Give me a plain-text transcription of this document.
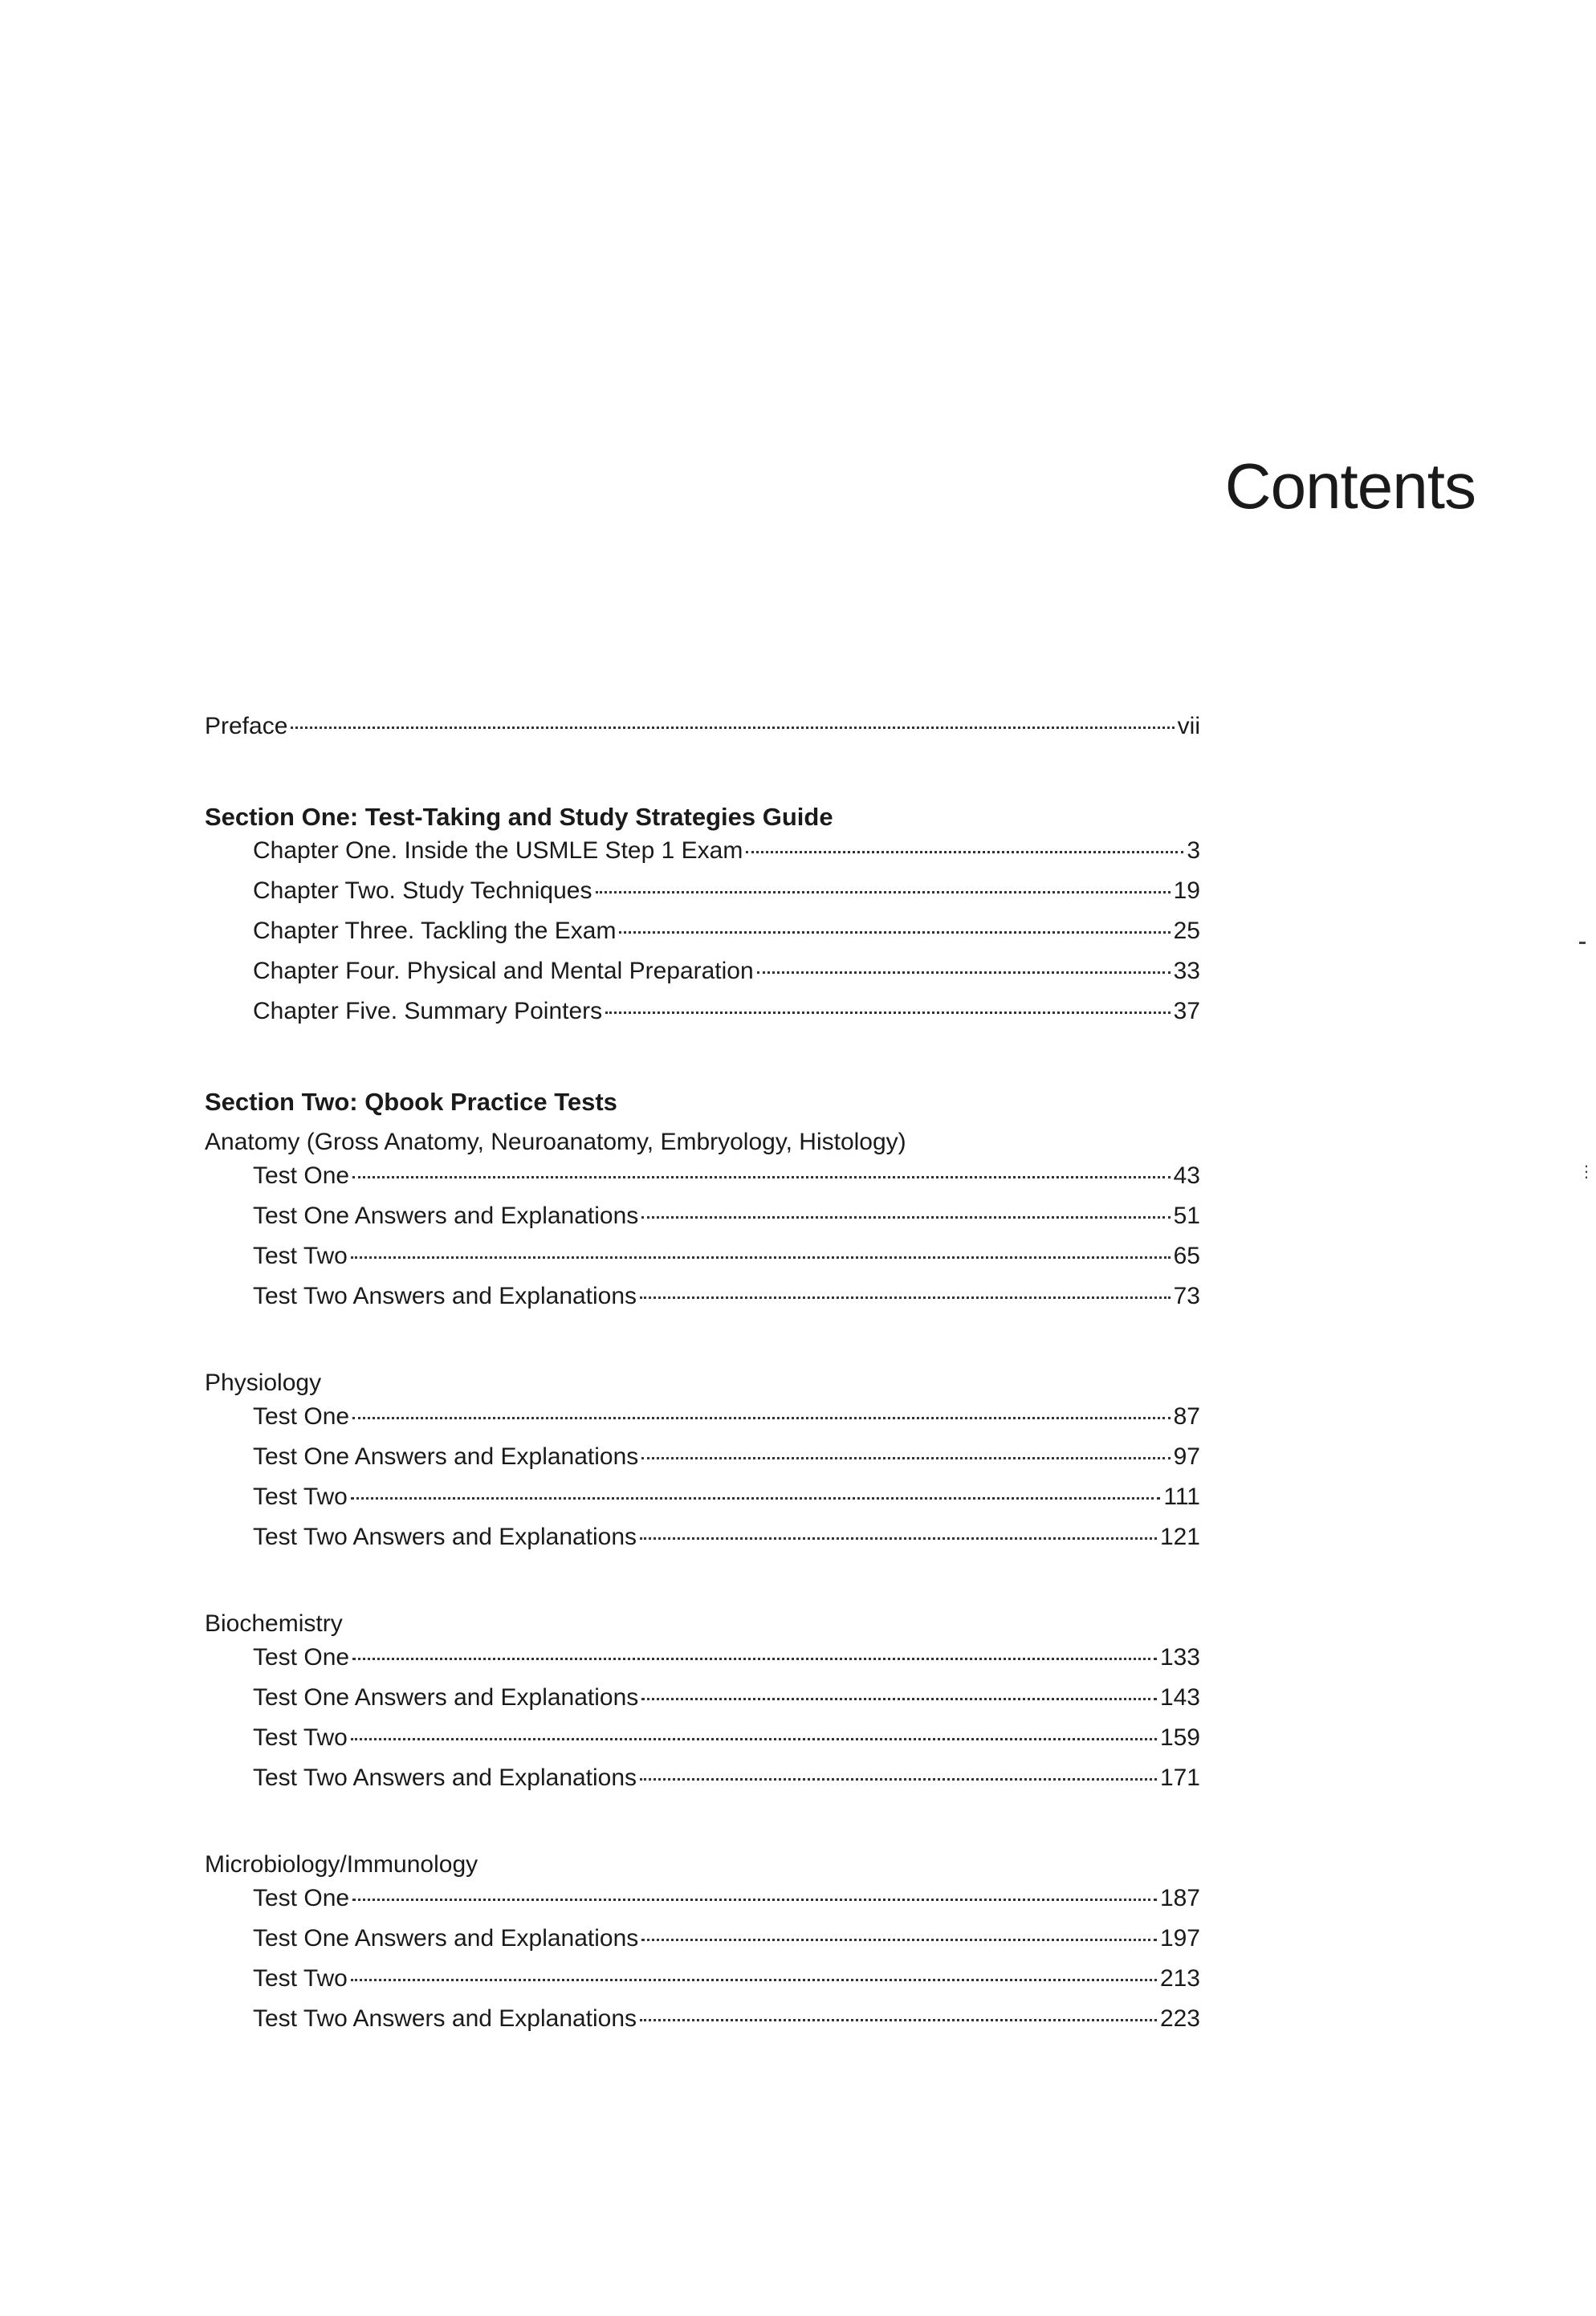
Contents
Preface	vii
Section One: Test-Taking and Study Strategies Guide
Chapter One. Inside the USMLE Step 1 Exam	3
Chapter Two. Study Techniques	19
Chapter Three. Tackling the Exam	25
Chapter Four. Physical and Mental Preparation	33
Chapter Five. Summary Pointers	37
Section Two: Qbook Practice Tests
Anatomy (Gross Anatomy, Neuroanatomy, Embryology, Histology)
Test One	43
Test One Answers and Explanations	51
Test Two	65
Test Two Answers and Explanations	73
Physiology
Test One	87
Test One Answers and Explanations	97
Test Two	111
Test Two Answers and Explanations	121
Biochemistry
Test One	133
Test One Answers and Explanations	143
Test Two	159
Test Two Answers and Explanations	171
Microbiology/Immunology
Test One	187
Test One Answers and Explanations	197
Test Two	213
Test Two Answers and Explanations	223
⋮
